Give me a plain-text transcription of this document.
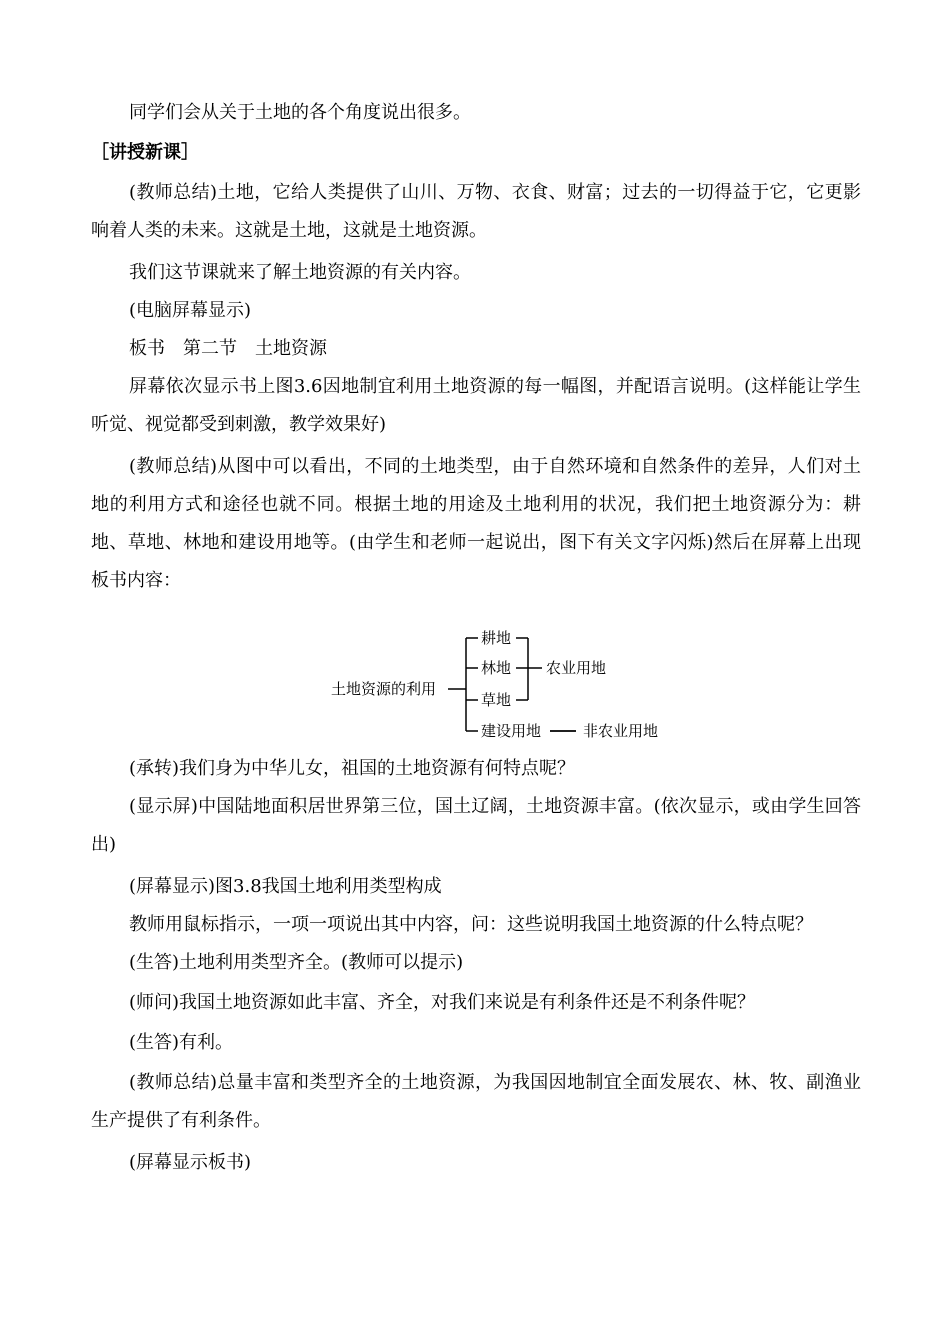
同学们会从关于土地的各个角度说出很多。
［讲授新课］
(教师总结)土地，它给人类提供了山川、万物、衣食、财富；过去的一切得益于它，它更影响着人类的未来。这就是土地，这就是土地资源。
我们这节课就来了解土地资源的有关内容。
(电脑屏幕显示)
板书　第二节　土地资源
屏幕依次显示书上图3.6因地制宜利用土地资源的每一幅图，并配语言说明。(这样能让学生听觉、视觉都受到刺激，教学效果好)
(教师总结)从图中可以看出，不同的土地类型，由于自然环境和自然条件的差异，人们对土地的利用方式和途径也就不同。根据土地的用途及土地利用的状况，我们把土地资源分为：耕地、草地、林地和建设用地等。(由学生和老师一起说出，图下有关文字闪烁)然后在屏幕上出现板书内容：
土地资源的利用
耕地
林地
草地
建设用地
农业用地
非农业用地
(承转)我们身为中华儿女，祖国的土地资源有何特点呢？
(显示屏)中国陆地面积居世界第三位，国土辽阔，土地资源丰富。(依次显示，或由学生回答出)
(屏幕显示)图3.8我国土地利用类型构成
教师用鼠标指示，一项一项说出其中内容，问：这些说明我国土地资源的什么特点呢？
(生答)土地利用类型齐全。(教师可以提示)
(师问)我国土地资源如此丰富、齐全，对我们来说是有利条件还是不利条件呢？
(生答)有利。
(教师总结)总量丰富和类型齐全的土地资源，为我国因地制宜全面发展农、林、牧、副渔业生产提供了有利条件。
(屏幕显示板书)
